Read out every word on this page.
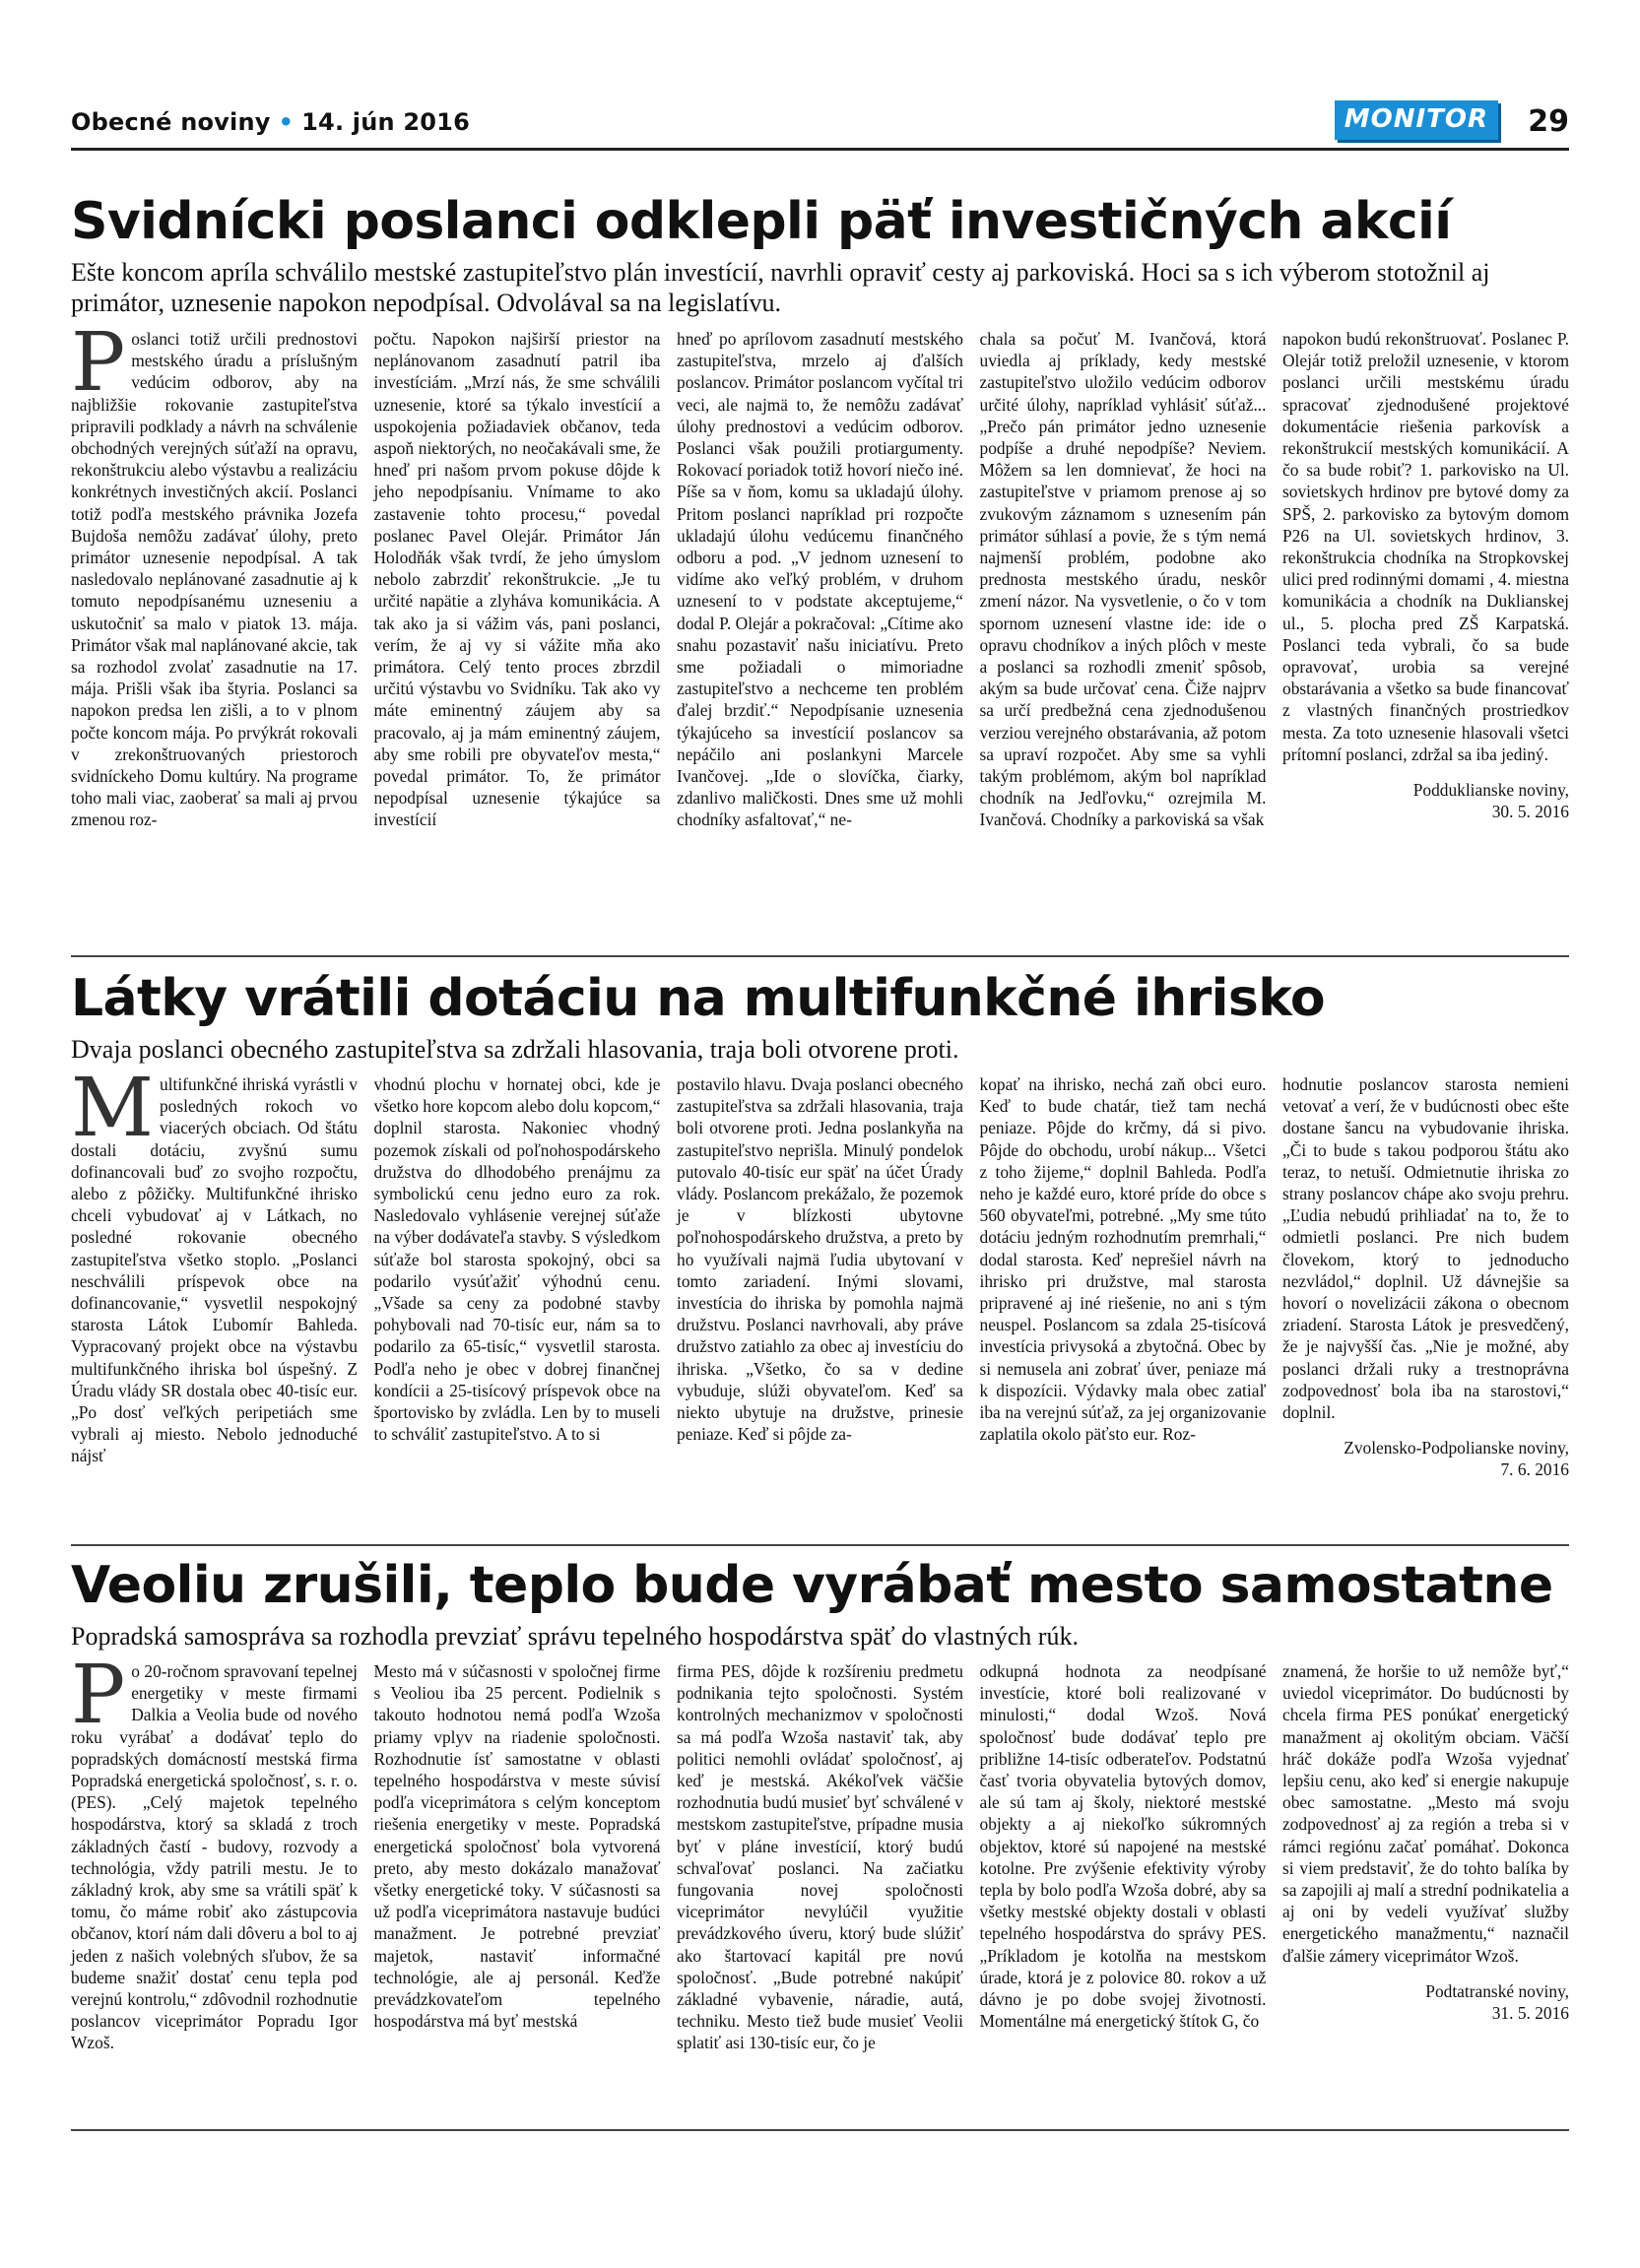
Obecné noviny • 14. jún 2016	MONITOR	29
Svidnícki poslanci odklepli päť investičných akcií

Ešte koncom apríla schválilo mestské zastupiteľstvo plán investícií, navrhli opraviť cesty aj parkoviská. Hoci sa s ich výberom stotožnil aj primátor, uznesenie napokon nepodpísal. Odvolával sa na legislatívu.

P oslanci totiž určili prednostovi mestského úradu a príslušným vedúcim odborov, aby na najbližšie rokovanie zastupiteľstva pripravili podklady a návrh na schválenie obchodných verejných súťaží na opravu, rekonštrukciu alebo výstavbu a realizáciu konkrétnych investičných akcií. Poslanci totiž podľa mestského právnika Jozefa Bujdoša nemôžu zadávať úlohy, preto primátor uznesenie nepodpísal. A tak nasledovalo neplánované zasadnutie aj k tomuto nepodpísanému uzneseniu a uskutočniť sa malo v piatok 13. mája. Primátor však mal naplánované akcie, tak sa rozhodol zvolať zasadnutie na 17. mája. Prišli však iba štyria. Poslanci sa napokon predsa len zišli, a to v plnom počte koncom mája. Po prvýkrát rokovali v zrekonštruovaných priestoroch svidníckeho Domu kultúry. Na programe toho mali viac, zaoberať sa mali aj prvou zmenou roz-

počtu. Napokon najširší priestor na neplánovanom zasadnutí patril iba investíciám. „Mrzí nás, že sme schválili uznesenie, ktoré sa týkalo investícií a uspokojenia požiadaviek občanov, teda aspoň niektorých, no neočakávali sme, že hneď pri našom prvom pokuse dôjde k jeho nepodpísaniu. Vnímame to ako zastavenie tohto procesu,“ povedal poslanec Pavel Olejár. Primátor Ján Holodňák však tvrdí, že jeho úmyslom nebolo zabrzdiť rekonštrukcie. „Je tu určité napätie a zlyháva komunikácia. A tak ako ja si vážim vás, pani poslanci, verím, že aj vy si vážite mňa ako primátora. Celý tento proces zbrzdil určitú výstavbu vo Svidníku. Tak ako vy máte eminentný záujem aby sa pracovalo, aj ja mám eminentný záujem, aby sme robili pre obyvateľov mesta,“ povedal primátor. To, že primátor nepodpísal uznesenie týkajúce sa investícií

hneď po aprílovom zasadnutí mestského zastupiteľstva, mrzelo aj ďalších poslancov. Primátor poslancom vyčítal tri veci, ale najmä to, že nemôžu zadávať úlohy prednostovi a vedúcim odborov. Poslanci však použili protiargumenty. Rokovací poriadok totiž hovorí niečo iné. Píše sa v ňom, komu sa ukladajú úlohy. Pritom poslanci napríklad pri rozpočte ukladajú úlohu vedúcemu finančného odboru a pod. „V jednom uznesení to vidíme ako veľký problém, v druhom uznesení to v podstate akceptujeme,“ dodal P. Olejár a pokračoval: „Cítime ako snahu pozastaviť našu iniciatívu. Preto sme požiadali o mimoriadne zastupiteľstvo a nechceme ten problém ďalej brzdiť.“ Nepodpísanie uznesenia týkajúceho sa investícií poslancov sa nepáčilo ani poslankyni Marcele Ivančovej. „Ide o slovíčka, čiarky, zdanlivo maličkosti. Dnes sme už mohli chodníky asfaltovať,“ ne-

chala sa počuť M. Ivančová, ktorá uviedla aj príklady, kedy mestské zastupiteľstvo uložilo vedúcim odborov určité úlohy, napríklad vyhlásiť súťaž... „Prečo pán primátor jedno uznesenie podpíše a druhé nepodpíše? Neviem. Môžem sa len domnievať, že hoci na zastupiteľstve v priamom prenose aj so zvukovým záznamom s uznesením pán primátor súhlasí a povie, že s tým nemá najmenší problém, podobne ako prednosta mestského úradu, neskôr zmení názor. Na vysvetlenie, o čo v tom spornom uznesení vlastne ide: ide o opravu chodníkov a iných plôch v meste a poslanci sa rozhodli zmeniť spôsob, akým sa bude určovať cena. Čiže najprv sa určí predbežná cena zjednodušenou verziou verejného obstarávania, až potom sa upraví rozpočet. Aby sme sa vyhli takým problémom, akým bol napríklad chodník na Jedľovku,“ ozrejmila M. Ivančová. Chodníky a parkoviská sa však

napokon budú rekonštruovať. Poslanec P. Olejár totiž preložil uznesenie, v ktorom poslanci určili mestskému úradu spracovať zjednodušené projektové dokumentácie riešenia parkovísk a rekonštrukcií mestských komunikácií. A čo sa bude robiť? 1. parkovisko na Ul. sovietskych hrdinov pre bytové domy za SPŠ, 2. parkovisko za bytovým domom P26 na Ul. sovietskych hrdinov, 3. rekonštrukcia chodníka na Stropkovskej ulici pred rodinnými domami , 4. miestna komunikácia a chodník na Duklianskej ul., 5. plocha pred ZŠ Karpatská. Poslanci teda vybrali, čo sa bude opravovať, urobia sa verejné obstarávania a všetko sa bude financovať z vlastných finančných prostriedkov mesta. Za toto uznesenie hlasovali všetci prítomní poslanci, zdržal sa iba jediný.

Podduklianske noviny,
30. 5. 2016
Látky vrátili dotáciu na multifunkčné ihrisko

Dvaja poslanci obecného zastupiteľstva sa zdržali hlasovania, traja boli otvorene proti.

M ultifunkčné ihriská vyrástli v posledných rokoch vo viacerých obciach. Od štátu dostali dotáciu, zvyšnú sumu dofinancovali buď zo svojho rozpočtu, alebo z pôžičky. Multifunkčné ihrisko chceli vybudovať aj v Látkach, no posledné rokovanie obecného zastupiteľstva všetko stoplo. „Poslanci neschválili príspevok obce na dofinancovanie,“ vysvetlil nespokojný starosta Látok Ľubomír Bahleda. Vypracovaný projekt obce na výstavbu multifunkčného ihriska bol úspešný. Z Úradu vlády SR dostala obec 40-tisíc eur. „Po dosť veľkých peripetiách sme vybrali aj miesto. Nebolo jednoduché nájsť

vhodnú plochu v hornatej obci, kde je všetko hore kopcom alebo dolu kopcom,“ doplnil starosta. Nakoniec vhodný pozemok získali od poľnohospodárskeho družstva do dlhodobého prenájmu za symbolickú cenu jedno euro za rok. Nasledovalo vyhlásenie verejnej súťaže na výber dodávateľa stavby. S výsledkom súťaže bol starosta spokojný, obci sa podarilo vysúťažiť výhodnú cenu. „Všade sa ceny za podobné stavby pohybovali nad 70-tisíc eur, nám sa to podarilo za 65-tisíc,“ vysvetlil starosta. Podľa neho je obec v dobrej finančnej kondícii a 25-tisícový príspevok obce na športovisko by zvládla. Len by to museli to schváliť zastupiteľstvo. A to si

postavilo hlavu. Dvaja poslanci obecného zastupiteľstva sa zdržali hlasovania, traja boli otvorene proti. Jedna poslankyňa na zastupiteľstvo neprišla. Minulý pondelok putovalo 40-tisíc eur späť na účet Úrady vlády. Poslancom prekážalo, že pozemok je v blízkosti ubytovne poľnohospodárskeho družstva, a preto by ho využívali najmä ľudia ubytovaní v tomto zariadení. Inými slovami, investícia do ihriska by pomohla najmä družstvu. Poslanci navrhovali, aby práve družstvo zatiahlo za obec aj investíciu do ihriska. „Všetko, čo sa v dedine vybuduje, slúži obyvateľom. Keď sa niekto ubytuje na družstve, prinesie peniaze. Keď si pôjde za-

kopať na ihrisko, nechá zaň obci euro. Keď to bude chatár, tiež tam nechá peniaze. Pôjde do krčmy, dá si pivo. Pôjde do obchodu, urobí nákup... Všetci z toho žijeme,“ doplnil Bahleda. Podľa neho je každé euro, ktoré príde do obce s 560 obyvateľmi, potrebné. „My sme túto dotáciu jedným rozhodnutím premrhali,“ dodal starosta. Keď neprešiel návrh na ihrisko pri družstve, mal starosta pripravené aj iné riešenie, no ani s tým neuspel. Poslancom sa zdala 25-tisícová investícia privysoká a zbytočná. Obec by si nemusela ani zobrať úver, peniaze má k dispozícii. Výdavky mala obec zatiaľ iba na verejnú súťaž, za jej organizovanie zaplatila okolo päťsto eur. Roz-

hodnutie poslancov starosta nemieni vetovať a verí, že v budúcnosti obec ešte dostane šancu na vybudovanie ihriska. „Či to bude s takou podporou štátu ako teraz, to netuší. Odmietnutie ihriska zo strany poslancov chápe ako svoju prehru. „Ľudia nebudú prihliadať na to, že to odmietli poslanci. Pre nich budem človekom, ktorý to jednoducho nezvládol,“ doplnil. Už dávnejšie sa hovorí o novelizácii zákona o obecnom zriadení. Starosta Látok je presvedčený, že je najvyšší čas. „Nie je možné, aby poslanci držali ruky a trestnoprávna zodpovednosť bola iba na starostovi,“ doplnil.

Zvolensko-Podpolianske noviny,
7. 6. 2016
Veoliu zrušili, teplo bude vyrábať mesto samostatne

Popradská samospráva sa rozhodla prevziať správu tepelného hospodárstva späť do vlastných rúk.

P o 20-ročnom spravovaní tepelnej energetiky v meste firmami Dalkia a Veolia bude od nového roku vyrábať a dodávať teplo do popradských domácností mestská firma Popradská energetická spoločnosť, s. r. o. (PES). „Celý majetok tepelného hospodárstva, ktorý sa skladá z troch základných častí - budovy, rozvody a technológia, vždy patrili mestu. Je to základný krok, aby sme sa vrátili späť k tomu, čo máme robiť ako zástupcovia občanov, ktorí nám dali dôveru a bol to aj jeden z našich volebných sľubov, že sa budeme snažiť dostať cenu tepla pod verejnú kontrolu,“ zdôvodnil rozhodnutie poslancov viceprimátor Popradu Igor Wzoš.

Mesto má v súčasnosti v spoločnej firme s Veoliou iba 25 percent. Podielnik s takouto hodnotou nemá podľa Wzoša priamy vplyv na riadenie spoločnosti. Rozhodnutie ísť samostatne v oblasti tepelného hospodárstva v meste súvisí podľa viceprimátora s celým konceptom riešenia energetiky v meste. Popradská energetická spoločnosť bola vytvorená preto, aby mesto dokázalo manažovať všetky energetické toky. V súčasnosti sa už podľa viceprimátora nastavuje budúci manažment. Je potrebné prevziať majetok, nastaviť informačné technológie, ale aj personál. Keďže prevádzkovateľom tepelného hospodárstva má byť mestská

firma PES, dôjde k rozšíreniu predmetu podnikania tejto spoločnosti. Systém kontrolných mechanizmov v spoločnosti sa má podľa Wzoša nastaviť tak, aby politici nemohli ovládať spoločnosť, aj keď je mestská. Akékoľvek väčšie rozhodnutia budú musieť byť schválené v mestskom zastupiteľstve, prípadne musia byť v pláne investícií, ktorý budú schvaľovať poslanci. Na začiatku fungovania novej spoločnosti viceprimátor nevylúčil využitie prevádzkového úveru, ktorý bude slúžiť ako štartovací kapitál pre novú spoločnosť. „Bude potrebné nakúpiť základné vybavenie, náradie, autá, techniku. Mesto tiež bude musieť Veolii splatiť asi 130-tisíc eur, čo je

odkupná hodnota za neodpísané investície, ktoré boli realizované v minulosti,“ dodal Wzoš. Nová spoločnosť bude dodávať teplo pre približne 14-tisíc odberateľov. Podstatnú časť tvoria obyvatelia bytových domov, ale sú tam aj školy, niektoré mestské objekty a aj niekoľko súkromných objektov, ktoré sú napojené na mestské kotolne. Pre zvýšenie efektivity výroby tepla by bolo podľa Wzoša dobré, aby sa všetky mestské objekty dostali v oblasti tepelného hospodárstva do správy PES. „Príkladom je kotolňa na mestskom úrade, ktorá je z polovice 80. rokov a už dávno je po dobe svojej životnosti. Momentálne má energetický štítok G, čo

znamená, že horšie to už nemôže byť,“ uviedol viceprimátor. Do budúcnosti by chcela firma PES ponúkať energetický manažment aj okolitým obciam. Väčší hráč dokáže podľa Wzoša vyjednať lepšiu cenu, ako keď si energie nakupuje obec samostatne. „Mesto má svoju zodpovednosť aj za región a treba si v rámci regiónu začať pomáhať. Dokonca si viem predstaviť, že do tohto balíka by sa zapojili aj malí a strední podnikatelia a aj oni by vedeli využívať služby energetického manažmentu,“ naznačil ďalšie zámery viceprimátor Wzoš.

Podtatranské noviny,
31. 5. 2016
